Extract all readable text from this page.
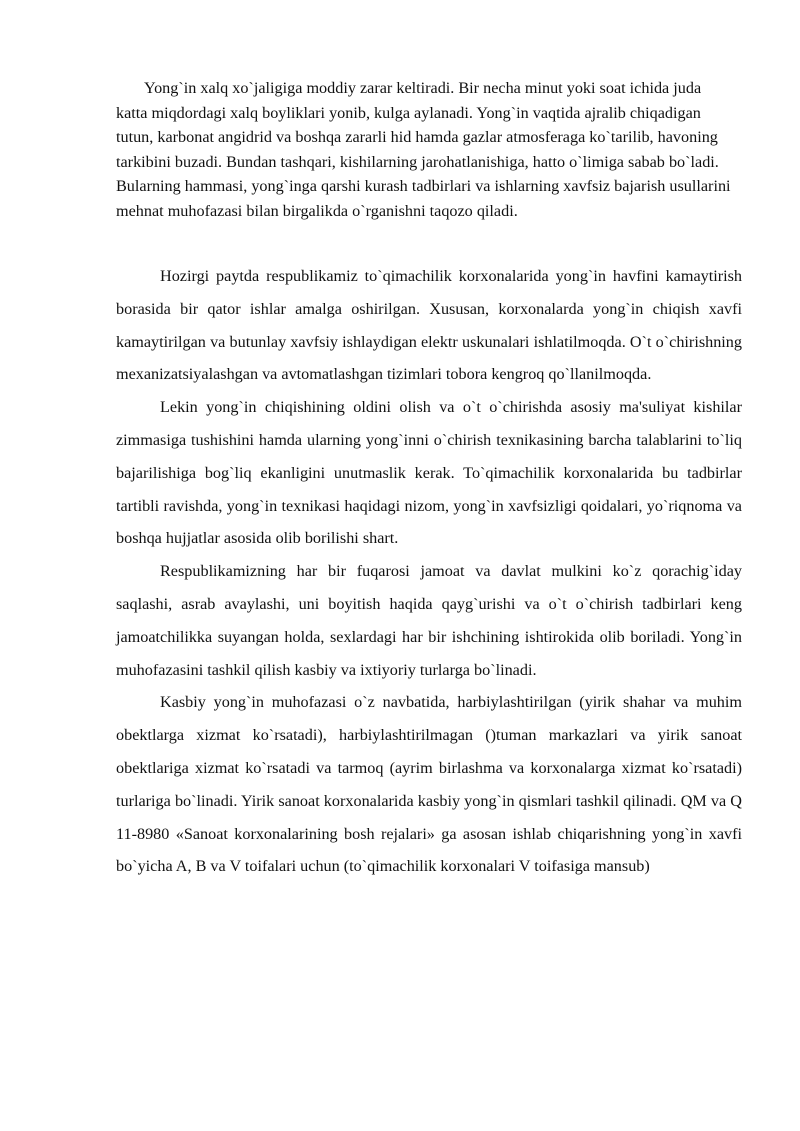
Yong`in xalq xo`jaligiga moddiy zarar keltiradi. Bir necha minut yoki soat ichida juda katta miqdordagi xalq boyliklari yonib, kulga aylanadi. Yong`in vaqtida ajralib chiqadigan tutun, karbonat angidrid va boshqa zararli hid hamda gazlar atmosferaga ko`tarilib, havoning tarkibini buzadi. Bundan tashqari, kishilarning jarohatlanishiga, hatto o`limiga sabab bo`ladi. Bularning hammasi, yong`inga qarshi kurash tadbirlari va ishlarning xavfsiz bajarish usullarini mehnat muhofazasi bilan birgalikda o`rganishni taqozo qiladi.

Hozirgi paytda respublikamiz to`qimachilik korxonalarida yong`in havfini kamaytirish borasida bir qator ishlar amalga oshirilgan. Xususan, korxonalarda yong`in chiqish xavfi kamaytirilgan va butunlay xavfsiy ishlaydigan elektr uskunalari ishlatilmoqda. O`t o`chirishning mexanizatsiyalashgan va avtomatlashgan tizimlari tobora kengroq qo`llanilmoqda.

Lekin yong`in chiqishining oldini olish va o`t o`chirishda asosiy ma'suliyat kishilar zimmasiga tushishini hamda ularning yong`inni o`chirish texnikasining barcha talablarini to`liq bajarilishiga bog`liq ekanligini unutmaslik kerak. To`qimachilik korxonalarida bu tadbirlar tartibli ravishda, yong`in texnikasi haqidagi nizom, yong`in xavfsizligi qoidalari, yo`riqnoma va boshqa hujjatlar asosida olib borilishi shart.

Respublikamizning har bir fuqarosi jamoat va davlat mulkini ko`z qorachig`iday saqlashi, asrab avaylashi, uni boyitish haqida qayg`urishi va o`t o`chirish tadbirlari keng jamoatchilikka suyangan holda, sexlardagi har bir ishchining ishtirokida olib boriladi. Yong`in muhofazasini tashkil qilish kasbiy va ixtiyoriy turlarga bo`linadi.

Kasbiy yong`in muhofazasi o`z navbatida, harbiylashtirilgan (yirik shahar va muhim obektlarga xizmat ko`rsatadi), harbiylashtirilmagan ()tuman markazlari va yirik sanoat obektlariga xizmat ko`rsatadi va tarmoq (ayrim birlashma va korxonalarga xizmat ko`rsatadi) turlariga bo`linadi. Yirik sanoat korxonalarida kasbiy yong`in qismlari tashkil qilinadi. QM va Q 11-8980 «Sanoat korxonalarining bosh rejalari» ga asosan ishlab chiqarishning yong`in xavfi bo`yicha A, B va V toifalari uchun (to`qimachilik korxonalari V toifasiga mansub)
